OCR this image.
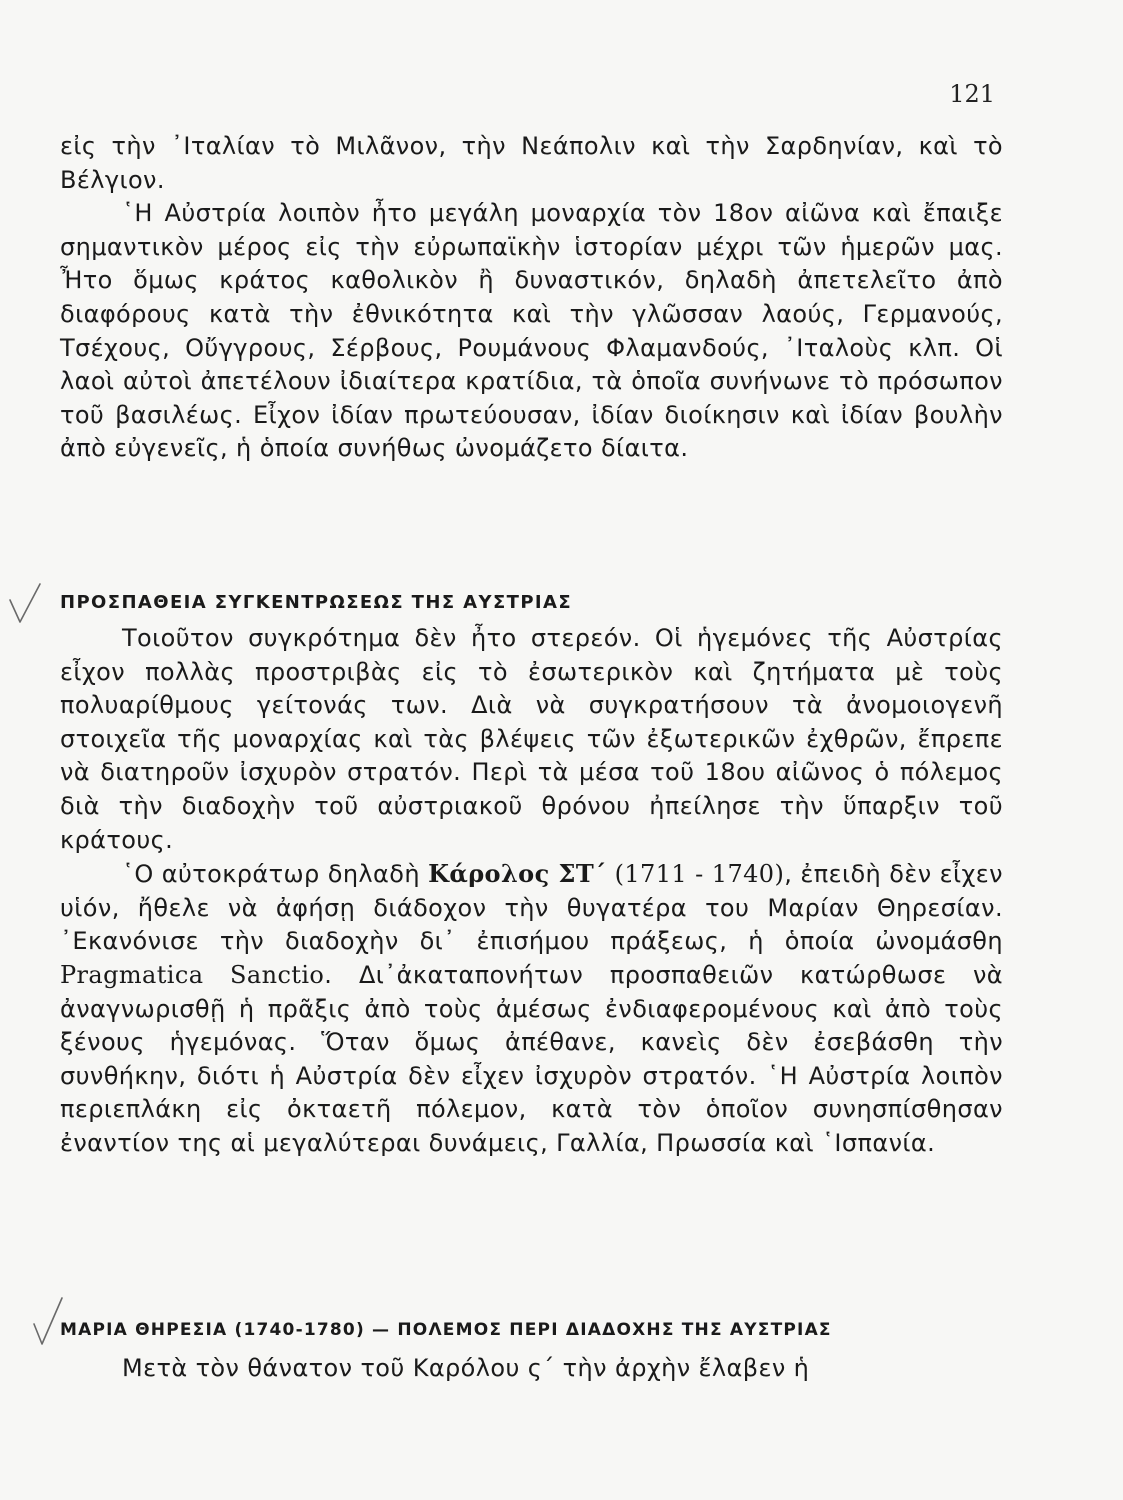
121

εἰς τὴν ᾿Ιταλίαν τὸ Μιλᾶνον, τὴν Νεάπολιν καὶ τὴν Σαρδηνίαν, καὶ τὸ Βέλγιον.

῾Η Αὐστρία λοιπὸν ἦτο μεγάλη μοναρχία τὸν 18ον αἰῶνα καὶ ἔπαιξε σημαντικὸν μέρος εἰς τὴν εὐρωπαϊκὴν ἱστορίαν μέχρι τῶν ἡμερῶν μας. Ἦτο ὅμως κράτος καθολικὸν ἢ δυναστικόν, δηλαδὴ ἀπετελεῖτο ἀπὸ διαφόρους κατὰ τὴν ἐθνικότητα καὶ τὴν γλῶσσαν λαούς, Γερμανούς, Τσέχους, Οὔγγρους, Σέρβους, Ρουμάνους Φλαμανδούς, ᾿Ιταλοὺς κλπ. Οἱ λαοὶ αὐτοὶ ἀπετέλουν ἰδιαίτερα κρατίδια, τὰ ὁποῖα συνήνωνε τὸ πρόσωπον τοῦ βασιλέως. Εἶχον ἰδίαν πρωτεύουσαν, ἰδίαν διοίκησιν καὶ ἰδίαν βουλὴν ἀπὸ εὐγενεῖς, ἡ ὁποία συνήθως ὠνομάζετο δίαιτα.

ΠΡΟΣΠΑΘΕΙΑ ΣΥΓΚΕΝΤΡΩΣΕΩΣ ΤΗΣ ΑΥΣΤΡΙΑΣ

Τοιοῦτον συγκρότημα δὲν ἦτο στερεόν. Οἱ ἡγεμόνες τῆς Αὐστρίας εἶχον πολλὰς προστριβὰς εἰς τὸ ἐσωτερικὸν καὶ ζητήματα μὲ τοὺς πολυαρίθμους γείτονάς των. Διὰ νὰ συγκρατήσουν τὰ ἀνομοιογενῆ στοιχεῖα τῆς μοναρχίας καὶ τὰς βλέψεις τῶν ἐξωτερικῶν ἐχθρῶν, ἔπρεπε νὰ διατηροῦν ἰσχυρὸν στρατόν. Περὶ τὰ μέσα τοῦ 18ου αἰῶνος ὁ πόλεμος διὰ τὴν διαδοχὴν τοῦ αὐστριακοῦ θρόνου ἠπείλησε τὴν ὕπαρξιν τοῦ κράτους.

῾Ο αὐτοκράτωρ δηλαδὴ Κάρολος ΣΤ΄ (1711 - 1740), ἐπειδὴ δὲν εἶχεν υἱόν, ἤθελε νὰ ἀφήσῃ διάδοχον τὴν θυγατέρα του Μαρίαν Θηρεσίαν. ᾿Εκανόνισε τὴν διαδοχὴν δι᾿ ἐπισήμου πράξεως, ἡ ὁποία ὠνομάσθη Pragmatica Sanctio. Δι᾿ἀκαταπονήτων προσπαθειῶν κατώρθωσε νὰ ἀναγνωρισθῇ ἡ πρᾶξις ἀπὸ τοὺς ἀμέσως ἐνδιαφερομένους καὶ ἀπὸ τοὺς ξένους ἡγεμόνας. Ὅταν ὅμως ἀπέθανε, κανεὶς δὲν ἐσεβάσθη τὴν συνθήκην, διότι ἡ Αὐστρία δὲν εἶχεν ἰσχυρὸν στρατόν. ῾Η Αὐστρία λοιπὸν περιεπλάκη εἰς ὀκταετῆ πόλεμον, κατὰ τὸν ὁποῖον συνησπίσθησαν ἐναντίον της αἱ μεγαλύτεραι δυνάμεις, Γαλλία, Πρωσσία καὶ ῾Ισπανία.

ΜΑΡΙΑ ΘΗΡΕΣΙΑ (1740-1780) — ΠΟΛΕΜΟΣ ΠΕΡΙ ΔΙΑΔΟΧΗΣ ΤΗΣ ΑΥΣΤΡΙΑΣ

Μετὰ τὸν θάνατον τοῦ Καρόλου ς΄ τὴν ἀρχὴν ἔλαβεν ἡ
